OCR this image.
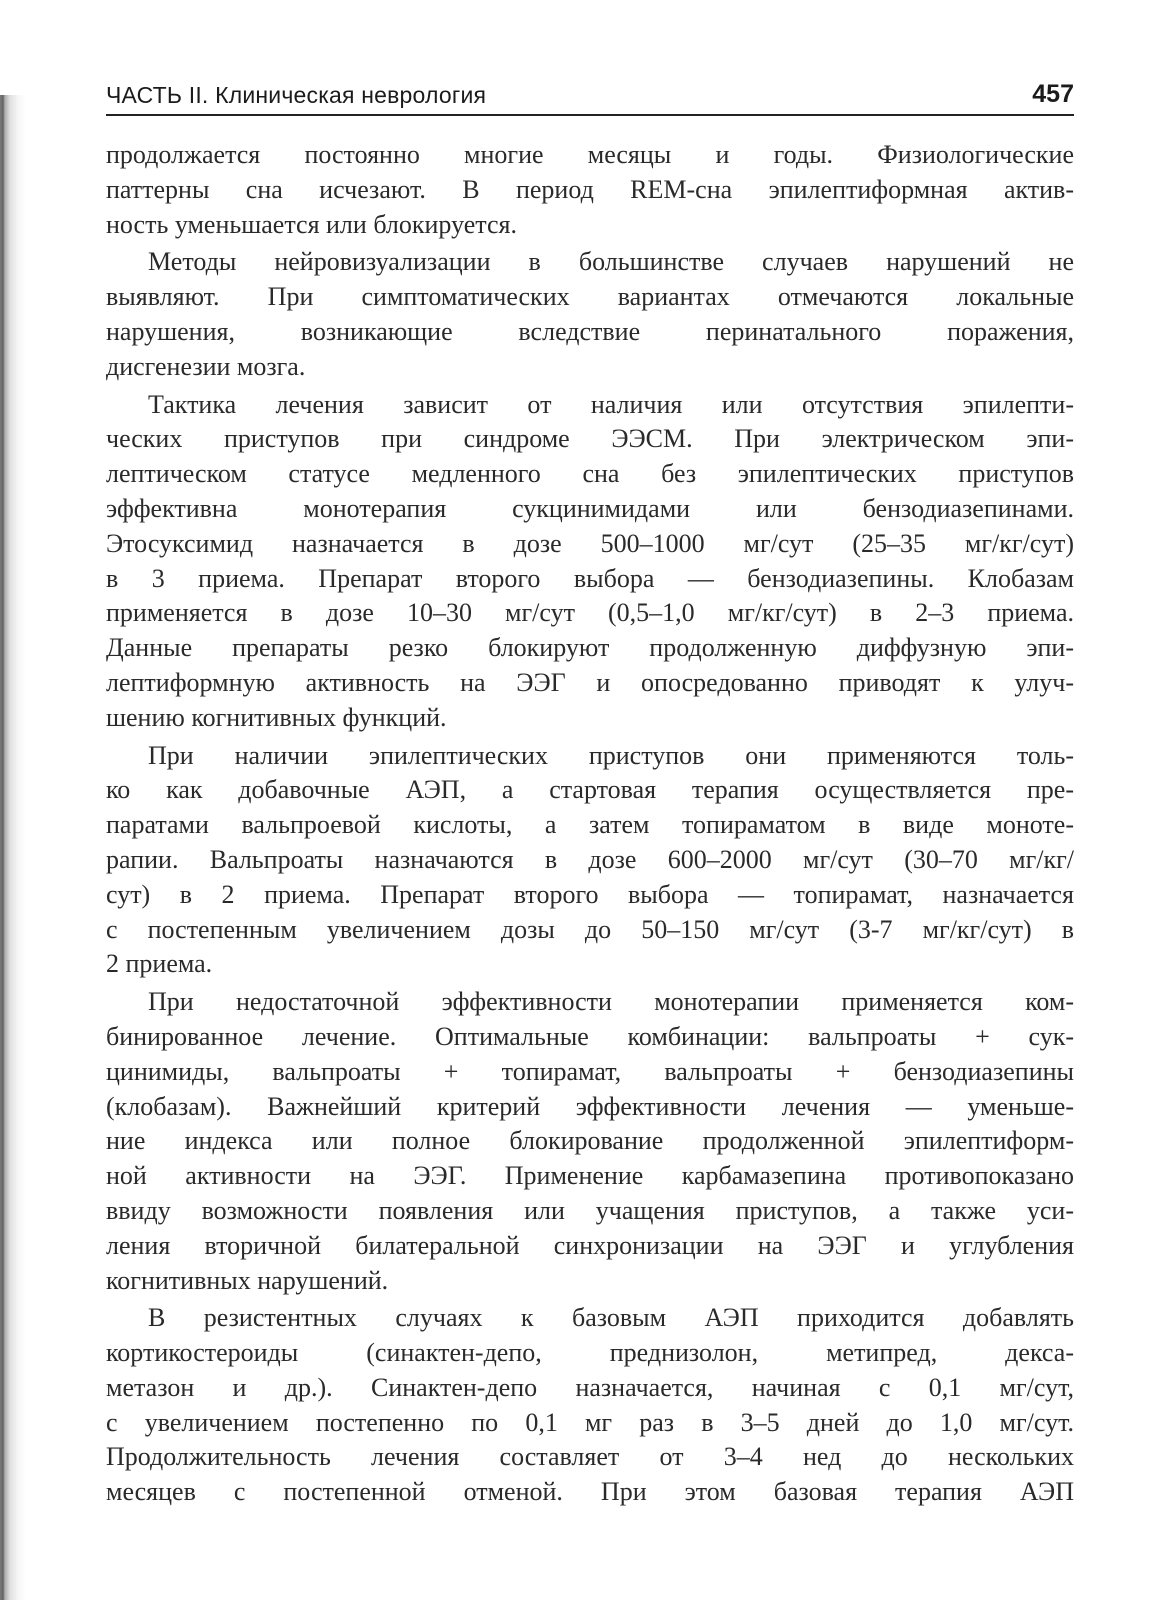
ЧАСТЬ II. Клиническая неврология	457
продолжается постоянно многие месяцы и годы. Физиологические
паттерны сна исчезают. В период REM-сна эпилептиформная актив-
ность уменьшается или блокируется.
Методы нейровизуализации в большинстве случаев нарушений не
выявляют. При симптоматических вариантах отмечаются локальные
нарушения, возникающие вследствие перинатального поражения,
дисгенезии мозга.
Тактика лечения зависит от наличия или отсутствия эпилепти-
ческих приступов при синдроме ЭЭСМ. При электрическом эпи-
лептическом статусе медленного сна без эпилептических приступов
эффективна монотерапия сукцинимидами или бензодиазепинами.
Этосуксимид назначается в дозе 500–1000 мг/сут (25–35 мг/кг/сут)
в 3 приема. Препарат второго выбора — бензодиазепины. Клобазам
применяется в дозе 10–30 мг/сут (0,5–1,0 мг/кг/сут) в 2–3 приема.
Данные препараты резко блокируют продолженную диффузную эпи-
лептиформную активность на ЭЭГ и опосредованно приводят к улуч-
шению когнитивных функций.
При наличии эпилептических приступов они применяются толь-
ко как добавочные АЭП, а стартовая терапия осуществляется пре-
паратами вальпроевой кислоты, а затем топираматом в виде моноте-
рапии. Вальпроаты назначаются в дозе 600–2000 мг/сут (30–70 мг/кг/
сут) в 2 приема. Препарат второго выбора — топирамат, назначается
с постепенным увеличением дозы до 50–150 мг/сут (3-7 мг/кг/сут) в
2 приема.
При недостаточной эффективности монотерапии применяется ком-
бинированное лечение. Оптимальные комбинации: вальпроаты + сук-
цинимиды, вальпроаты + топирамат, вальпроаты + бензодиазепины
(клобазам). Важнейший критерий эффективности лечения — уменьше-
ние индекса или полное блокирование продолженной эпилептиформ-
ной активности на ЭЭГ. Применение карбамазепина противопоказано
ввиду возможности появления или учащения приступов, а также уси-
ления вторичной билатеральной синхронизации на ЭЭГ и углубления
когнитивных нарушений.
В резистентных случаях к базовым АЭП приходится добавлять
кортикостероиды (синактен-депо, преднизолон, метипред, декса-
метазон и др.). Синактен-депо назначается, начиная с 0,1 мг/сут,
с увеличением постепенно по 0,1 мг раз в 3–5 дней до 1,0 мг/сут.
Продолжительность лечения составляет от 3–4 нед до нескольких
месяцев с постепенной отменой. При этом базовая терапия АЭП
